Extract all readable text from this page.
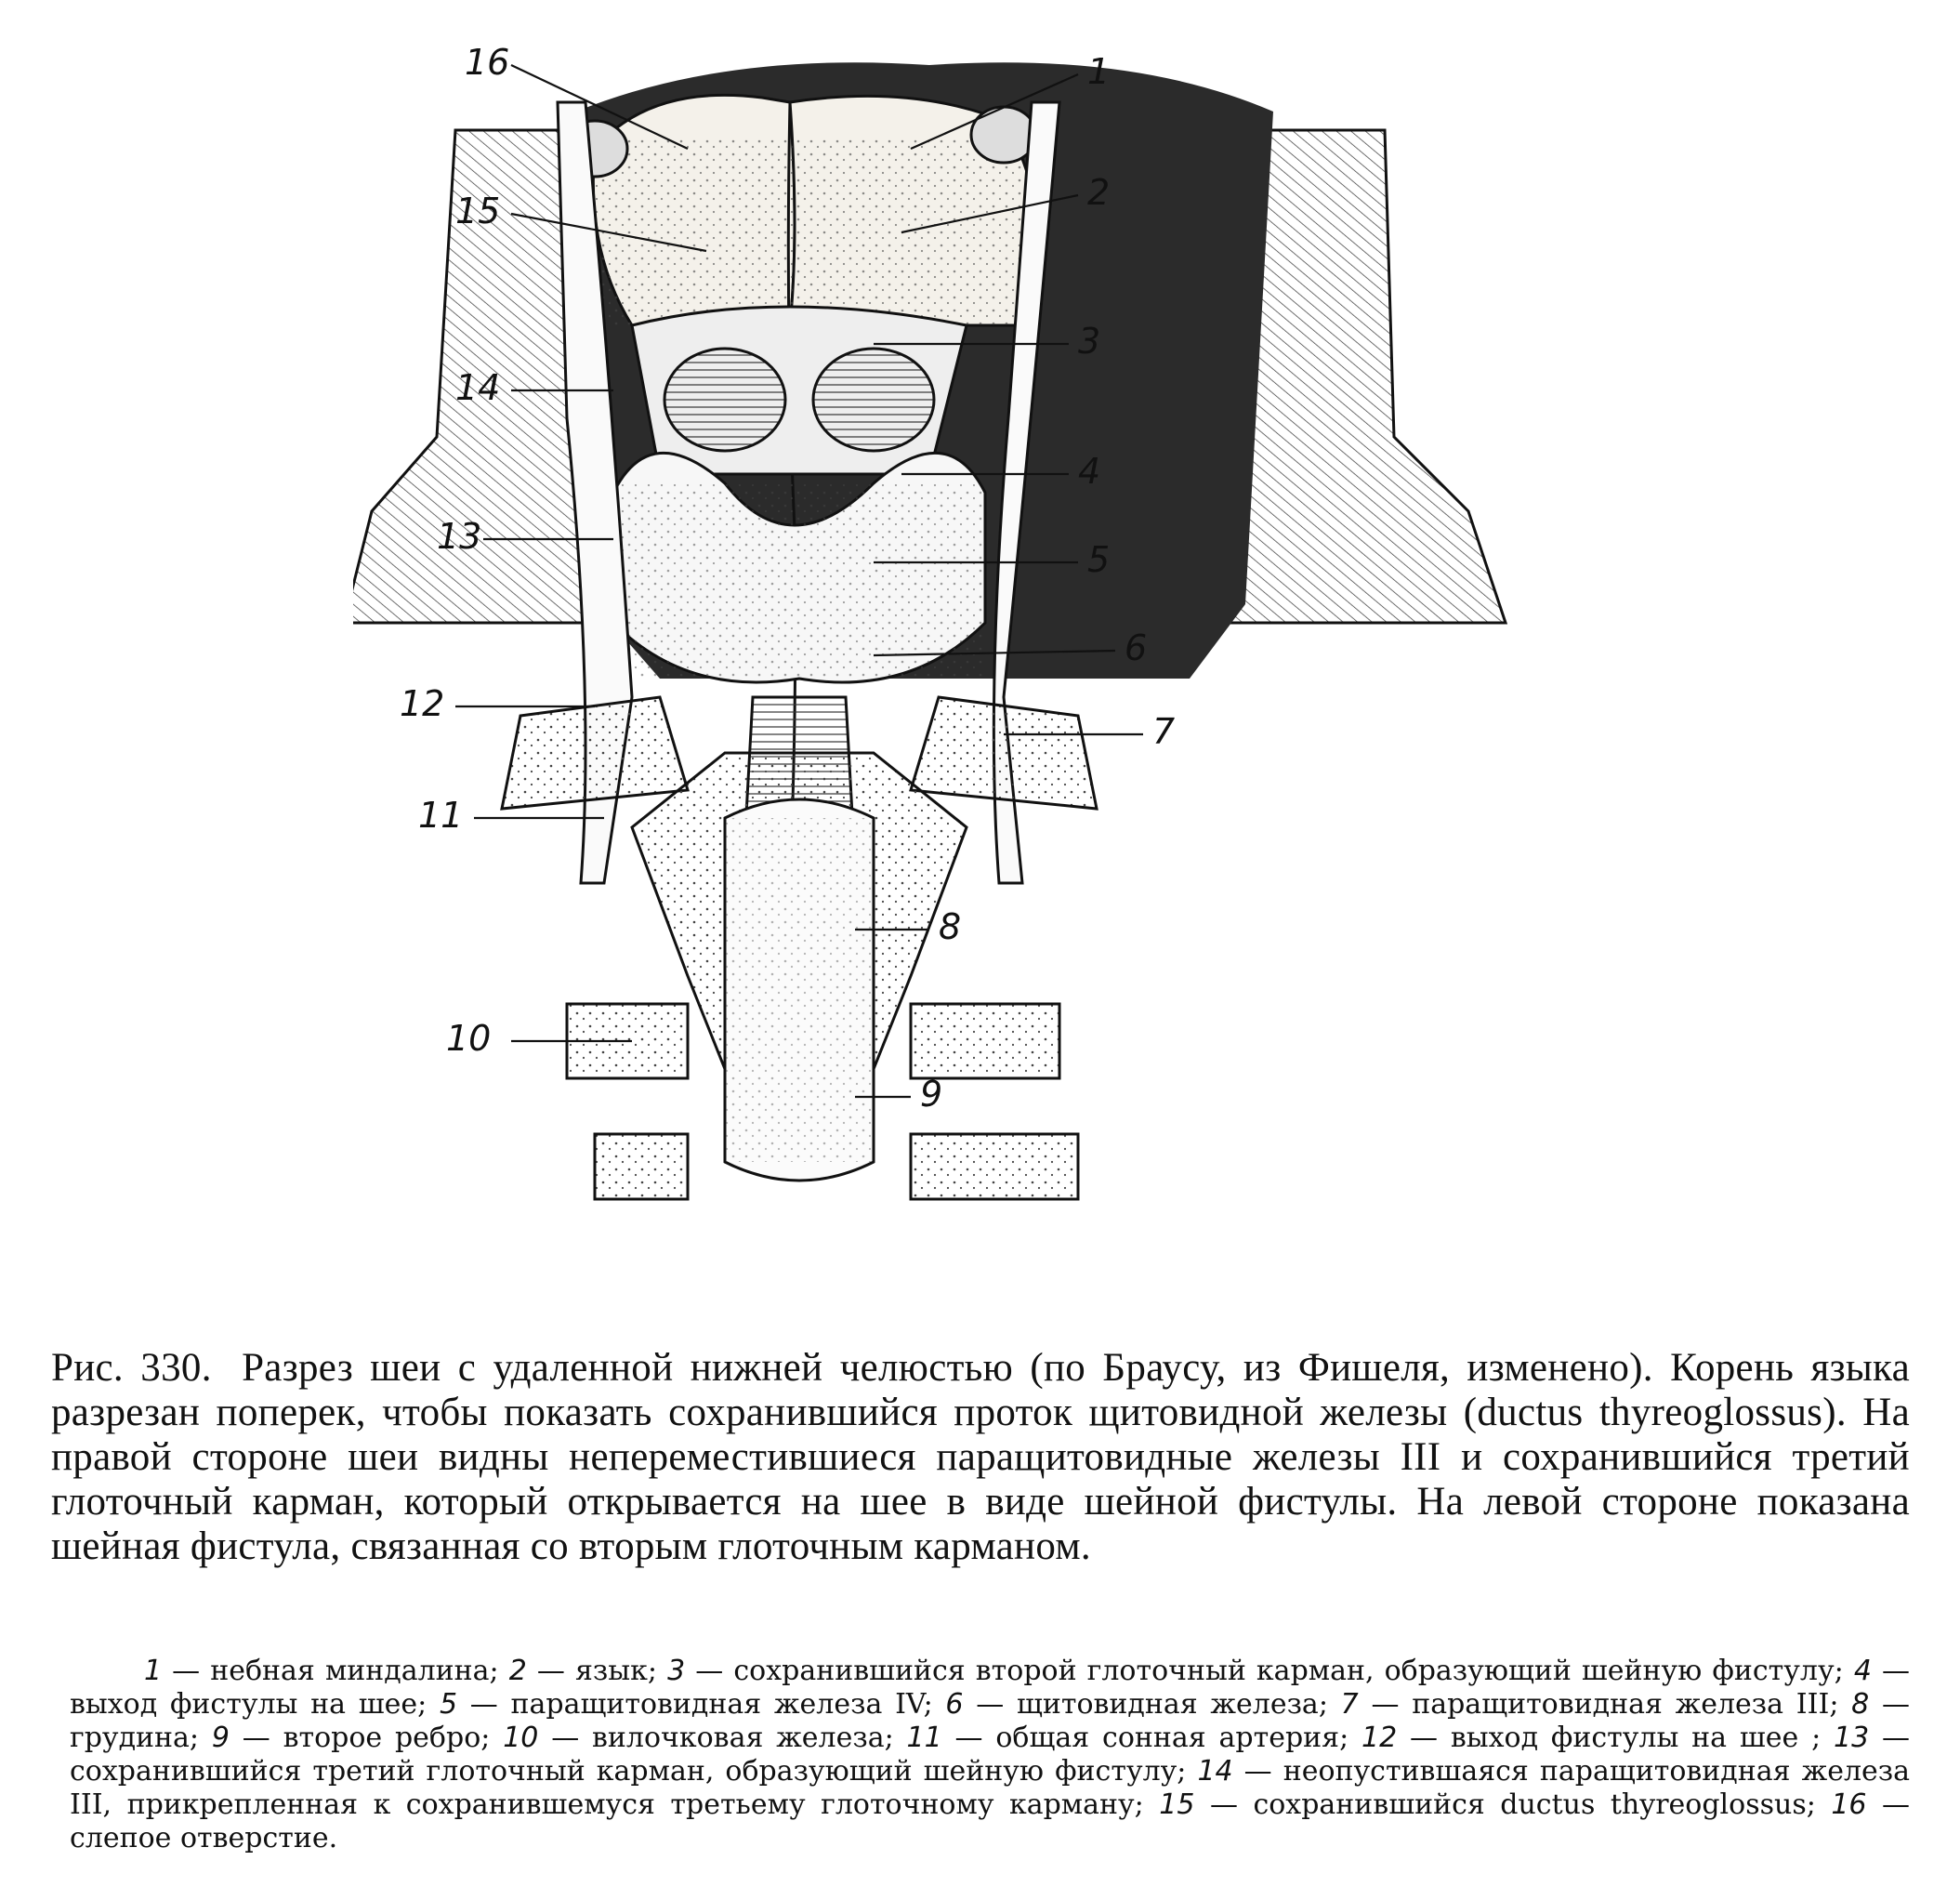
1
2
3
4
5
6
7
8
9
10
11
12
13
14
15
16
Рис. 330. Разрез шеи с удаленной нижней челюстью (по Браусу, из Фишеля, изменено). Корень языка разрезан поперек, чтобы показать сохранившийся проток щитовидной железы (ductus thyreoglossus). На правой стороне шеи видны непереместившиеся паращитовидные железы III и сохранившийся третий глоточный карман, который открывается на шее в виде шейной фистулы. На левой стороне показана шейная фистула, связанная со вторым глоточным карманом.
1 — небная миндалина; 2 — язык; 3 — сохранившийся второй глоточный карман, образующий шейную фистулу; 4 — выход фистулы на шее; 5 — паращитовидная железа IV; 6 — щитовидная железа; 7 — паращитовидная железа III; 8 — грудина; 9 — второе ребро; 10 — вилочковая железа; 11 — общая сонная артерия; 12 — выход фистулы на шее ; 13 — сохранившийся третий глоточный карман, образующий шейную фистулу; 14 — неопустившаяся паращитовидная железа III, прикрепленная к сохранившемуся третьему глоточному карману; 15 — сохранившийся ductus thyreoglossus; 16 — слепое отверстие.
